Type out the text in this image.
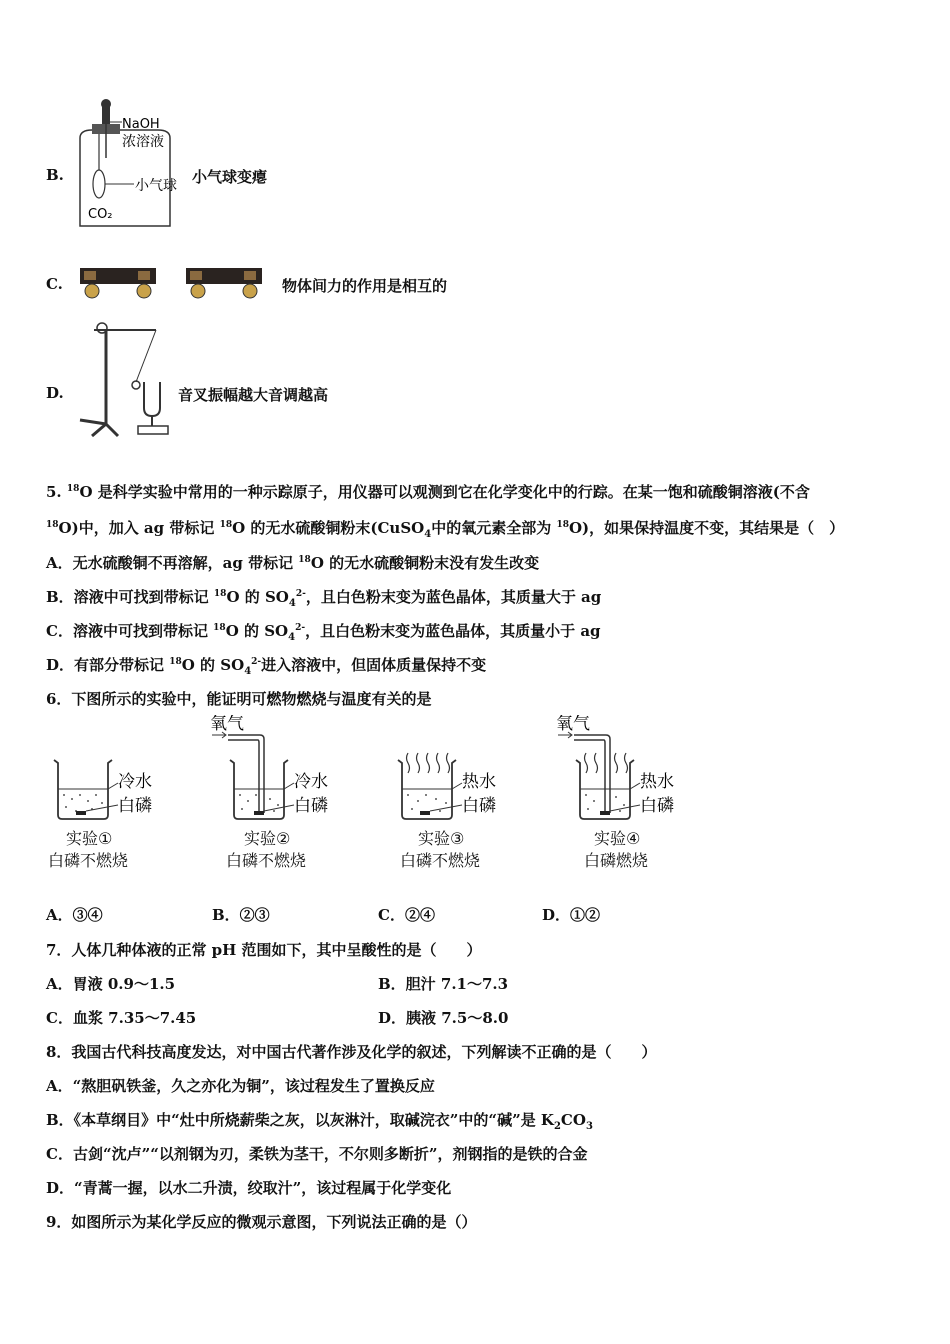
B.
NaOH
浓溶液
小气球
CO₂
小气球变瘪
C.	物体间力的作用是相互的
D.	音叉振幅越大音调越高
5. $^{18}$O 是科学实验中常用的一种示踪原子，用仪器可以观测到它在化学变化中的行踪。在某一饱和硫酸铜溶液(不含
$^{18}$O)中，加入 ag 带标记 $^{18}$O 的无水硫酸铜粉末(CuSO$_4$中的氧元素全部为 $^{18}$O)，如果保持温度不变，其结果是（　）
A．无水硫酸铜不再溶解，ag 带标记 $^{18}$O 的无水硫酸铜粉末没有发生改变
B．溶液中可找到带标记 $^{18}$O 的 $SO_4^{2-}$，且白色粉末变为蓝色晶体，其质量大于 ag
C．溶液中可找到带标记 $^{18}$O 的 $SO_4^{2-}$，且白色粉末变为蓝色晶体，其质量小于 ag
D．有部分带标记 $^{18}$O 的 $SO_4^{2-}$进入溶液中，但固体质量保持不变
6．下图所示的实验中，能证明可燃物燃烧与温度有关的是
冷水
白磷
实验①
白磷不燃烧
氧气
冷水
白磷
实验②
白磷不燃烧
热水
白磷
实验③
白磷不燃烧
氧气
热水
白磷
实验④
白磷燃烧
A．③④	B．②③	C．②④	D．①②
7．人体几种体液的正常 pH 范围如下，其中呈酸性的是（　　）
A．胃液 0.9～1.5	B．胆汁 7.1～7.3
C．血浆 7.35～7.45	D．胰液 7.5～8.0
8．我国古代科技高度发达，对中国古代著作涉及化学的叙述，下列解读不正确的是（　　）
A．“熬胆矾铁釜，久之亦化为铜”，该过程发生了置换反应
B．《本草纲目》中“灶中所烧薪柴之灰，以灰淋汁，取碱浣衣”中的“碱”是 $K_2CO_3$
C．古剑“沈卢”“以剂钢为刃，柔铁为茎干，不尔则多断折”，剂钢指的是铁的合金
D．“青蒿一握，以水二升渍，绞取汁”，该过程属于化学变化
9．如图所示为某化学反应的微观示意图，下列说法正确的是（）
